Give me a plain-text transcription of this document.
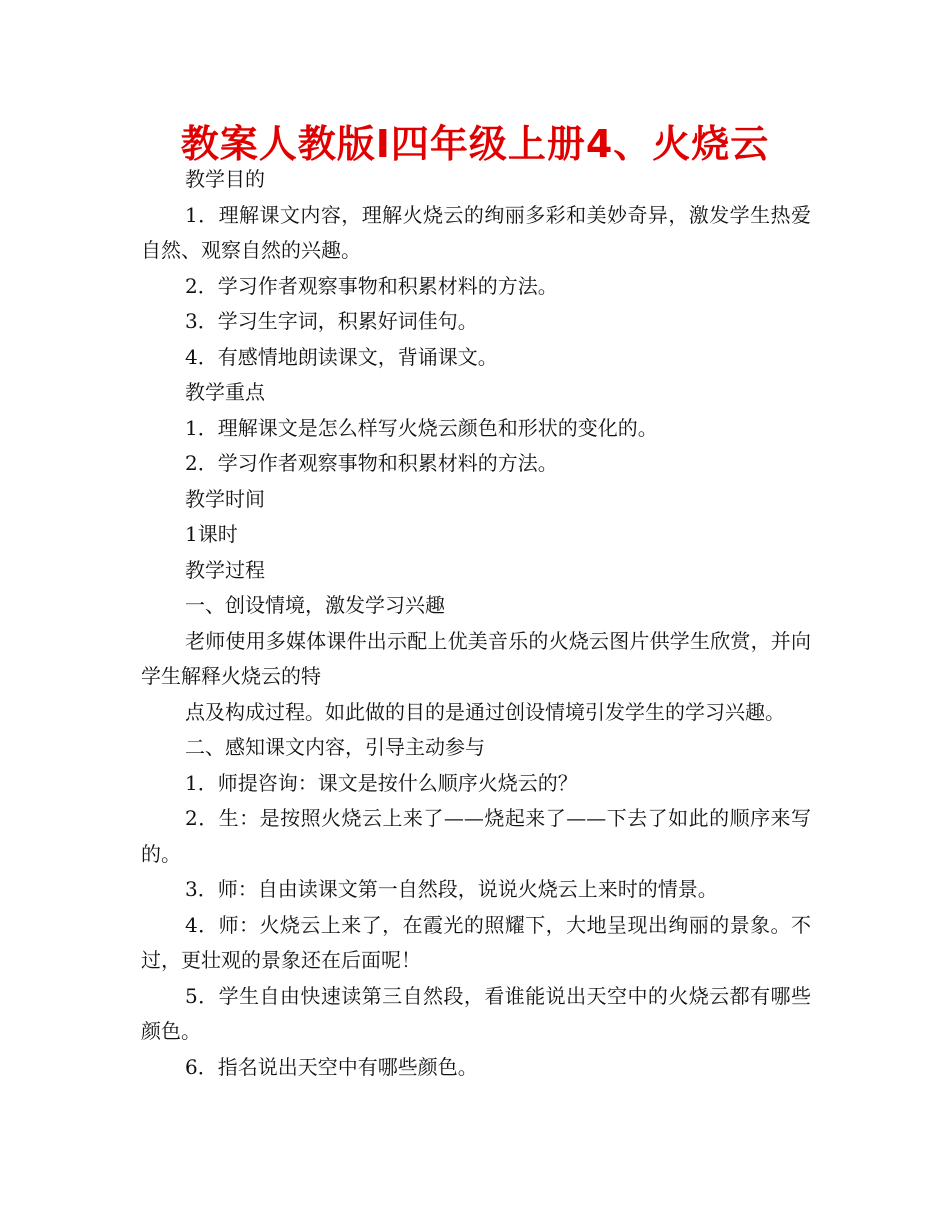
教案人教版Ⅰ四年级上册4、火烧云

教学目的

1．理解课文内容，理解火烧云的绚丽多彩和美妙奇异，激发学生热爱自然、观察自然的兴趣。

2．学习作者观察事物和积累材料的方法。

3．学习生字词，积累好词佳句。

4．有感情地朗读课文，背诵课文。

教学重点

1．理解课文是怎么样写火烧云颜色和形状的变化的。

2．学习作者观察事物和积累材料的方法。

教学时间

1课时

教学过程

一、创设情境，激发学习兴趣

老师使用多媒体课件出示配上优美音乐的火烧云图片供学生欣赏，并向学生解释火烧云的特

点及构成过程。如此做的目的是通过创设情境引发学生的学习兴趣。

二、感知课文内容，引导主动参与

1．师提咨询：课文是按什么顺序火烧云的？

2．生：是按照火烧云上来了——烧起来了——下去了如此的顺序来写的。

3．师：自由读课文第一自然段，说说火烧云上来时的情景。

4．师：火烧云上来了，在霞光的照耀下，大地呈现出绚丽的景象。不过，更壮观的景象还在后面呢！

5．学生自由快速读第三自然段，看谁能说出天空中的火烧云都有哪些颜色。

6．指名说出天空中有哪些颜色。
